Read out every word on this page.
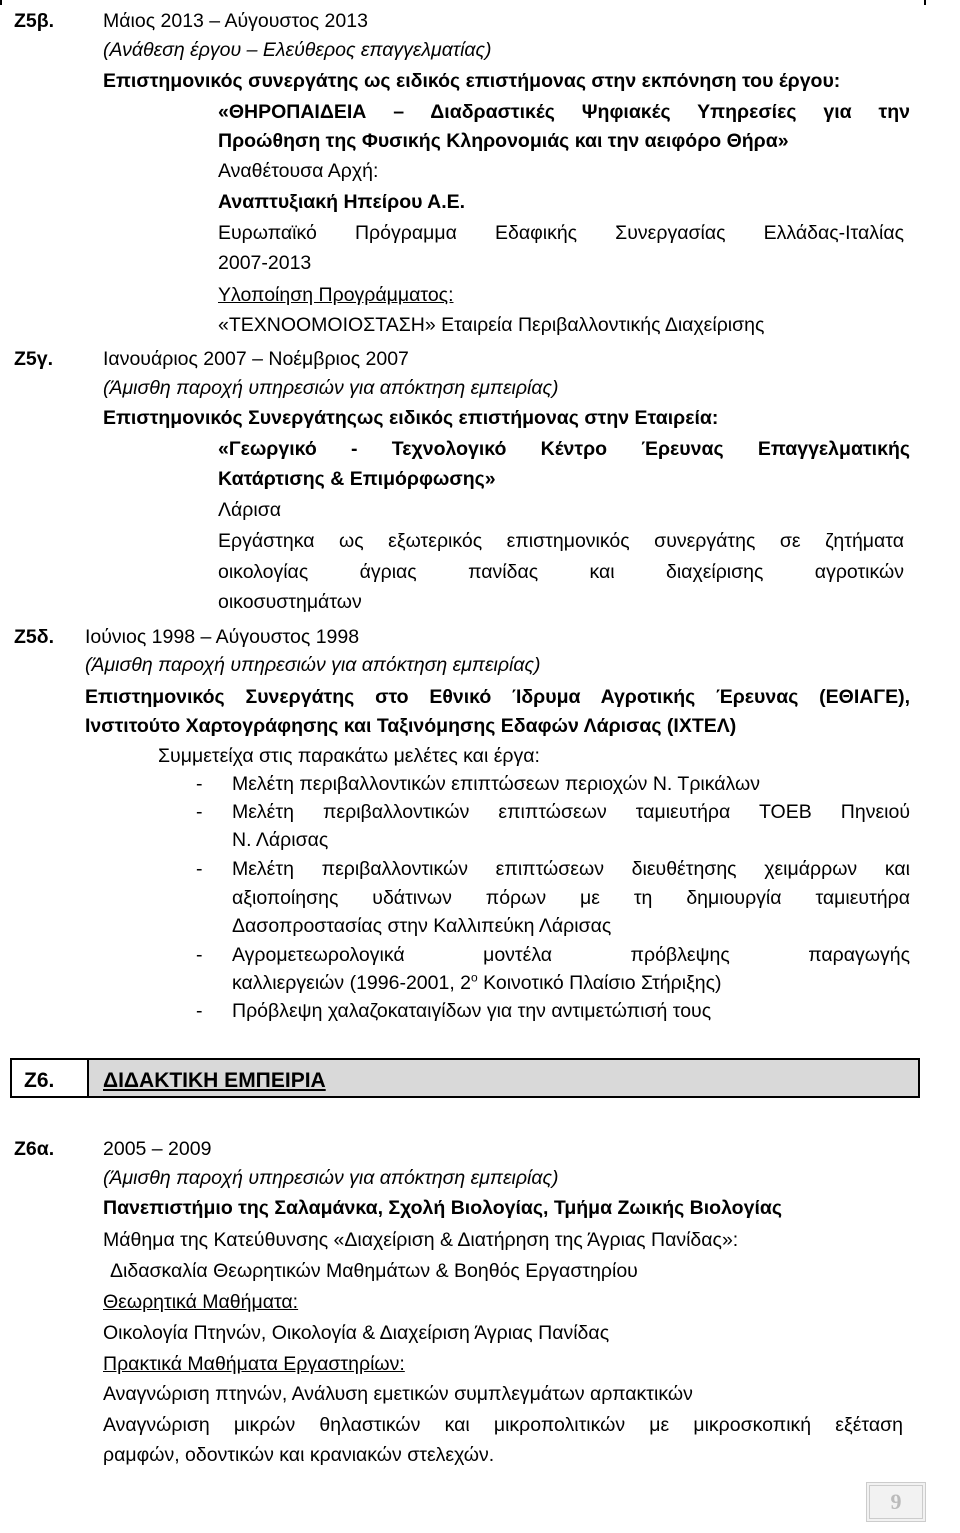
Ζ5β.	Μάιος 2013 – Αύγουστος 2013
(Ανάθεση έργου – Ελεύθερος επαγγελματίας)
Επιστημονικός συνεργάτης ως ειδικός επιστήμονας στην εκπόνηση του έργου:
«ΘΗΡΟΠΑΙΔΕΙΑ – Διαδραστικές Ψηφιακές Υπηρεσίες για την
Προώθηση της Φυσικής Κληρονομιάς και την αειφόρο Θήρα»
Αναθέτουσα Αρχή:
Αναπτυξιακή Ηπείρου Α.Ε.
Ευρωπαϊκό Πρόγραμμα Εδαφικής Συνεργασίας Ελλάδας-Ιταλίας
2007-2013
Υλοποίηση Προγράμματος:
«ΤΕΧΝΟΟΜΟΙΟΣΤΑΣΗ» Εταιρεία Περιβαλλοντικής Διαχείρισης
Ζ5γ.	Ιανουάριος 2007 – Νοέμβριος 2007
(Άμισθη παροχή υπηρεσιών για απόκτηση εμπειρίας)
Επιστημονικός Συνεργάτηςως ειδικός επιστήμονας στην Εταιρεία:
«Γεωργικό - Τεχνολογικό Κέντρο Έρευνας Επαγγελματικής
Κατάρτισης & Επιμόρφωσης»
Λάρισα
Εργάστηκα ως εξωτερικός επιστημονικός συνεργάτης σε ζητήματα
οικολογίας άγριας πανίδας και διαχείρισης αγροτικών
οικοσυστημάτων
Ζ5δ. Ιούνιος 1998 – Αύγουστος 1998
(Άμισθη παροχή υπηρεσιών για απόκτηση εμπειρίας)
Επιστημονικός Συνεργάτης στο Εθνικό Ίδρυμα Αγροτικής Έρευνας (ΕΘΙΑΓΕ),
Ινστιτούτο Χαρτογράφησης και Ταξινόμησης Εδαφών Λάρισας (ΙΧΤΕΛ)
Συμμετείχα στις παρακάτω μελέτες και έργα:
- Μελέτη περιβαλλοντικών επιπτώσεων περιοχών Ν. Τρικάλων
- Μελέτη περιβαλλοντικών επιπτώσεων ταμιευτήρα ΤΟΕΒ Πηνειού
Ν. Λάρισας
- Μελέτη περιβαλλοντικών επιπτώσεων διευθέτησης χειμάρρων και
αξιοποίησης υδάτινων πόρων με τη δημιουργία ταμιευτήρα
Δασοπροστασίας στην Καλλιπεύκη Λάρισας
- Αγρομετεωρολογικά μοντέλα πρόβλεψης παραγωγής
καλλιεργειών (1996-2001, $2^o$ Κοινοτικό Πλαίσιο Στήριξης)
- Πρόβλεψη χαλαζοκαταιγίδων για την αντιμετώπισή τους
Ζ6. ΔΙΔΑΚΤΙΚΗ ΕΜΠΕΙΡΙΑ
Ζ6α.	2005 – 2009
(Άμισθη παροχή υπηρεσιών για απόκτηση εμπειρίας)
Πανεπιστήμιο της Σαλαμάνκα, Σχολή Βιολογίας, Τμήμα Ζωικής Βιολογίας
Μάθημα της Κατεύθυνσης «Διαχείριση & Διατήρηση της Άγριας Πανίδας»:
Διδασκαλία Θεωρητικών Μαθημάτων & Βοηθός Εργαστηρίου
Θεωρητικά Μαθήματα:
Οικολογία Πτηνών, Οικολογία & Διαχείριση Άγριας Πανίδας
Πρακτικά Μαθήματα Εργαστηρίων:
Αναγνώριση πτηνών, Ανάλυση εμετικών συμπλεγμάτων αρπακτικών
Αναγνώριση μικρών θηλαστικών και μικροπολιτικών με μικροσκοπική εξέταση
ραμφών, οδοντικών και κρανιακών στελεχών.
9
